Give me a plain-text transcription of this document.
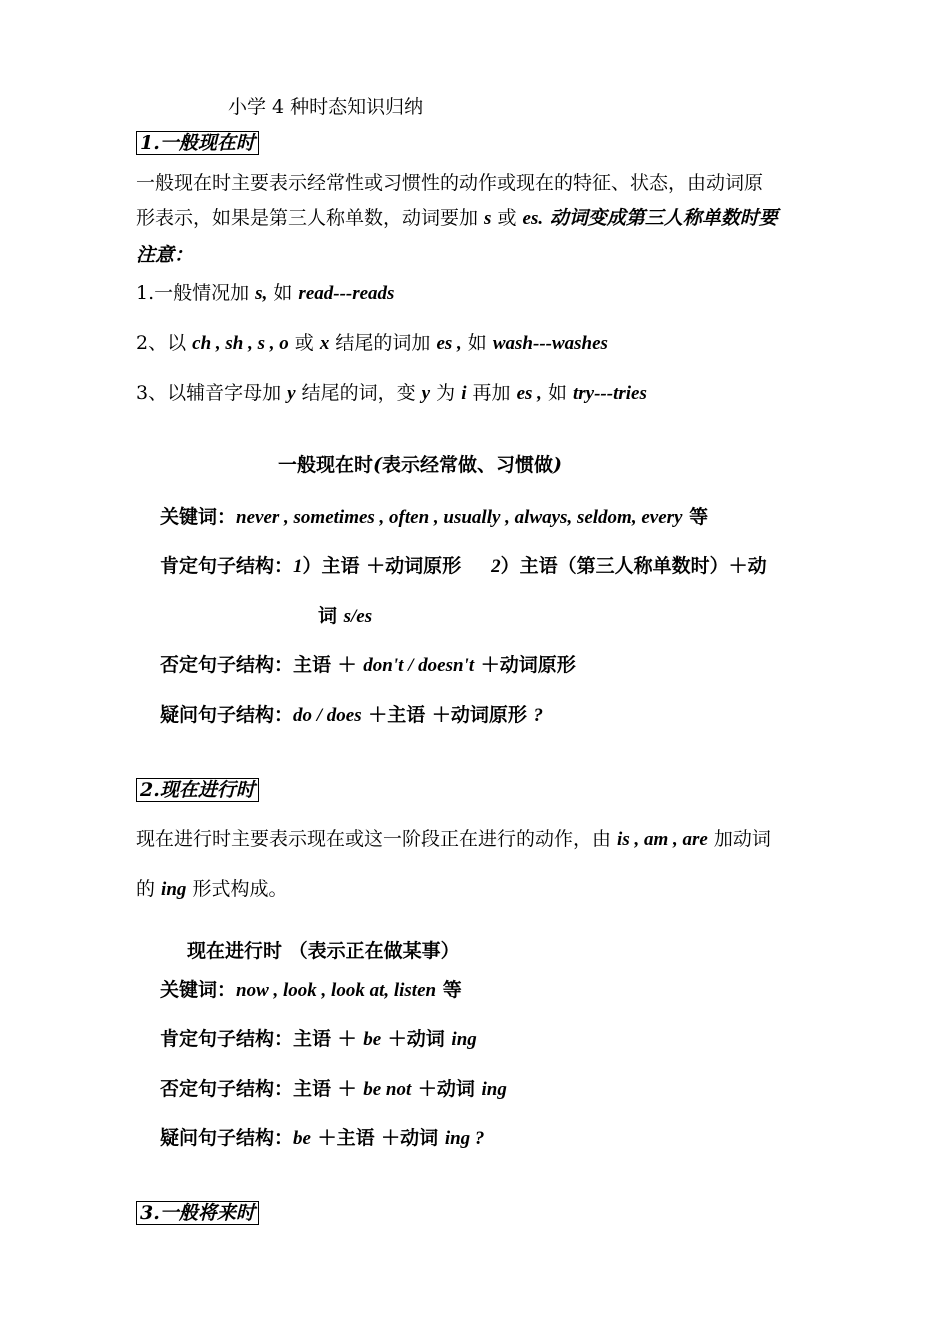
小学 4 种时态知识归纳
1.一般现在时
一般现在时主要表示经常性或习惯性的动作或现在的特征、状态，由动词原
形表示，如果是第三人称单数，动词要加 s 或 es. 动词变成第三人称单数时要
注意：
1.一般情况加 s, 如 read---reads
2、以 ch , sh , s , o 或 x 结尾的词加 es , 如 wash---washes
3、以辅音字母加 y 结尾的词，变 y 为 i 再加 es , 如 try---tries
一般现在时(表示经常做、习惯做)
关键词：never , sometimes , often , usually , always, seldom, every 等
肯定句子结构：1）主语 ＋动词原形 2）主语（第三人称单数时）＋动
词 s/es
否定句子结构：主语 ＋ don't / doesn't ＋动词原形
疑问句子结构：do / does ＋主语 ＋动词原形 ?
2.现在进行时
现在进行时主要表示现在或这一阶段正在进行的动作，由 is , am , are 加动词
的 ing 形式构成。
现在进行时 （表示正在做某事）
关键词：now , look , look at, listen 等
肯定句子结构：主语 ＋ be ＋动词 ing
否定句子结构：主语 ＋ be not ＋动词 ing
疑问句子结构：be ＋主语 ＋动词 ing ?
3.一般将来时
